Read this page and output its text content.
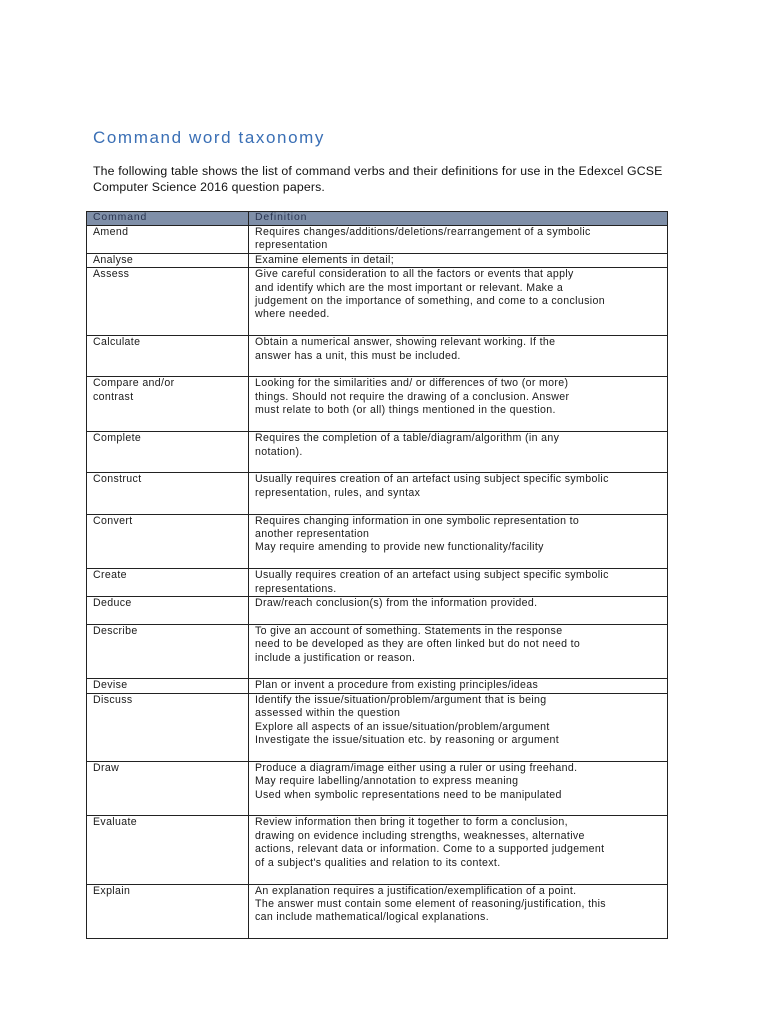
Command word taxonomy

The following table shows the list of command verbs and their definitions for use in the Edexcel GCSE Computer Science 2016 question papers.

Command	Definition

Amend	Requires changes/additions/deletions/rearrangement of a symbolic
representation

Analyse	Examine elements in detail;

Assess	Give careful consideration to all the factors or events that apply
and identify which are the most important or relevant. Make a
judgement on the importance of something, and come to a conclusion
where needed.

Calculate	Obtain a numerical answer, showing relevant working. If the
answer has a unit, this must be included.

Compare and/or
contrast	Looking for the similarities and/ or differences of two (or more)
things. Should not require the drawing of a conclusion. Answer
must relate to both (or all) things mentioned in the question.

Complete	Requires the completion of a table/diagram/algorithm (in any
notation).

Construct	Usually requires creation of an artefact using subject specific symbolic
representation, rules, and syntax

Convert	Requires changing information in one symbolic representation to
another representation
May require amending to provide new functionality/facility

Create	Usually requires creation of an artefact using subject specific symbolic
representations.

Deduce	Draw/reach conclusion(s) from the information provided.

Describe	To give an account of something. Statements in the response
need to be developed as they are often linked but do not need to
include a justification or reason.

Devise	Plan or invent a procedure from existing principles/ideas

Discuss	Identify the issue/situation/problem/argument that is being
assessed within the question
Explore all aspects of an issue/situation/problem/argument
Investigate the issue/situation etc. by reasoning or argument

Draw	Produce a diagram/image either using a ruler or using freehand.
May require labelling/annotation to express meaning
Used when symbolic representations need to be manipulated

Evaluate	Review information then bring it together to form a conclusion,
drawing on evidence including strengths, weaknesses, alternative
actions, relevant data or information. Come to a supported judgement
of a subject's qualities and relation to its context.

Explain	An explanation requires a justification/exemplification of a point.
The answer must contain some element of reasoning/justification, this
can include mathematical/logical explanations.
